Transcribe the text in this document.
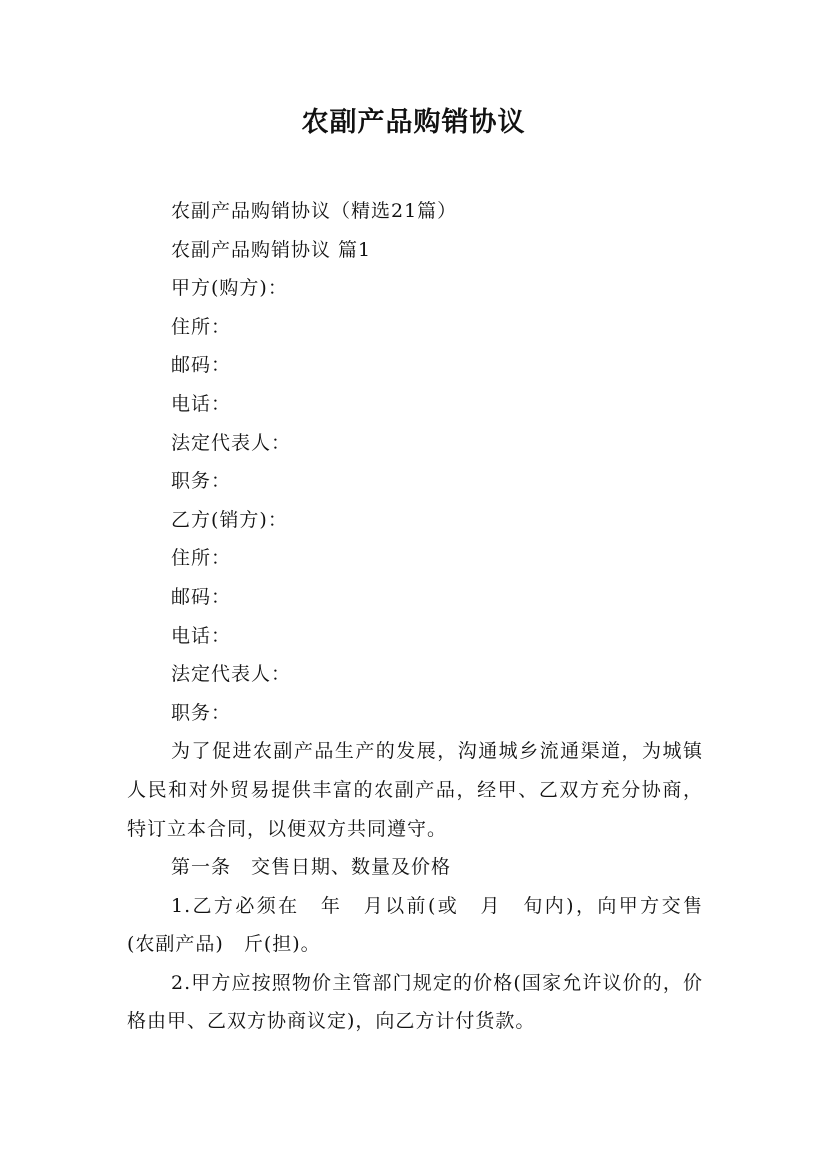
农副产品购销协议
农副产品购销协议（精选21篇）
农副产品购销协议 篇1
甲方(购方)：
住所：
邮码：
电话：
法定代表人：
职务：
乙方(销方)：
住所：
邮码：
电话：
法定代表人：
职务：
为了促进农副产品生产的发展，沟通城乡流通渠道，为城镇人民和对外贸易提供丰富的农副产品，经甲、乙双方充分协商，特订立本合同，以便双方共同遵守。
第一条　交售日期、数量及价格
1.乙方必须在　年　月以前(或　月　旬内)，向甲方交售　(农副产品)　斤(担)。
2.甲方应按照物价主管部门规定的价格(国家允许议价的，价格由甲、乙双方协商议定)，向乙方计付货款。
